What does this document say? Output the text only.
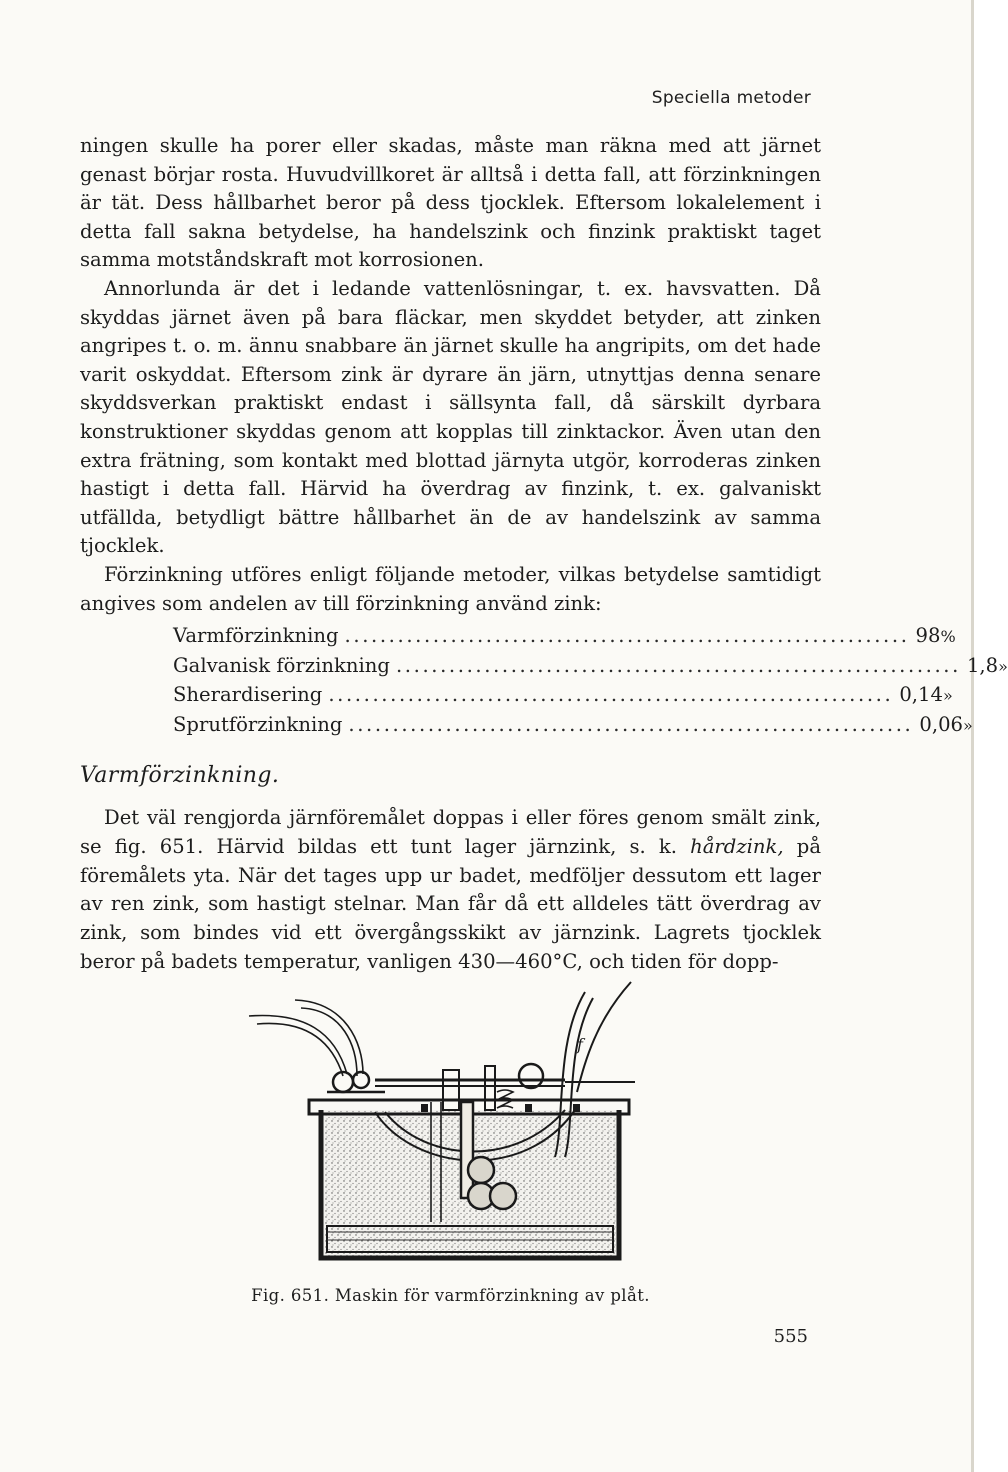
Speciella metoder

ningen skulle ha porer eller skadas, måste man räkna med att järnet genast börjar rosta. Huvudvillkoret är alltså i detta fall, att förzinkningen är tät. Dess hållbarhet beror på dess tjocklek. Eftersom lokalelement i detta fall sakna betydelse, ha handelszink och finzink praktiskt taget samma motståndskraft mot korrosionen.

Annorlunda är det i ledande vattenlösningar, t. ex. havsvatten. Då skyddas järnet även på bara fläckar, men skyddet betyder, att zinken angripes t. o. m. ännu snabbare än järnet skulle ha angripits, om det hade varit oskyddat. Eftersom zink är dyrare än järn, utnyttjas denna senare skyddsverkan praktiskt endast i sällsynta fall, då särskilt dyrbara konstruktioner skyddas genom att kopplas till zinktackor. Även utan den extra frätning, som kontakt med blottad järnyta utgör, korroderas zinken hastigt i detta fall. Härvid ha överdrag av finzink, t. ex. galvaniskt utfällda, betydligt bättre hållbarhet än de av handelszink av samma tjocklek.

Förzinkning utföres enligt följande metoder, vilkas betydelse samtidigt angives som andelen av till förzinkning använd zink:

Varmförzinkning ................................................................ 98 %
Galvanisk förzinkning ................................................................ 1,8 »
Sherardisering ................................................................ 0,14 »
Sprutförzinkning ................................................................ 0,06 »
Varmförzinkning.

Det väl rengjorda järnföremålet doppas i eller föres genom smält zink, se fig. 651. Härvid bildas ett tunt lager järnzink, s. k. hårdzink, på föremålets yta. När det tages upp ur badet, medföljer dessutom ett lager av ren zink, som hastigt stelnar. Man får då ett alldeles tätt överdrag av zink, som bindes vid ett övergångsskikt av järnzink. Lagrets tjocklek beror på badets temperatur, vanligen 430—460°C, och tiden för dopp-

f
Fig. 651. Maskin för varmförzinkning av plåt.
555
